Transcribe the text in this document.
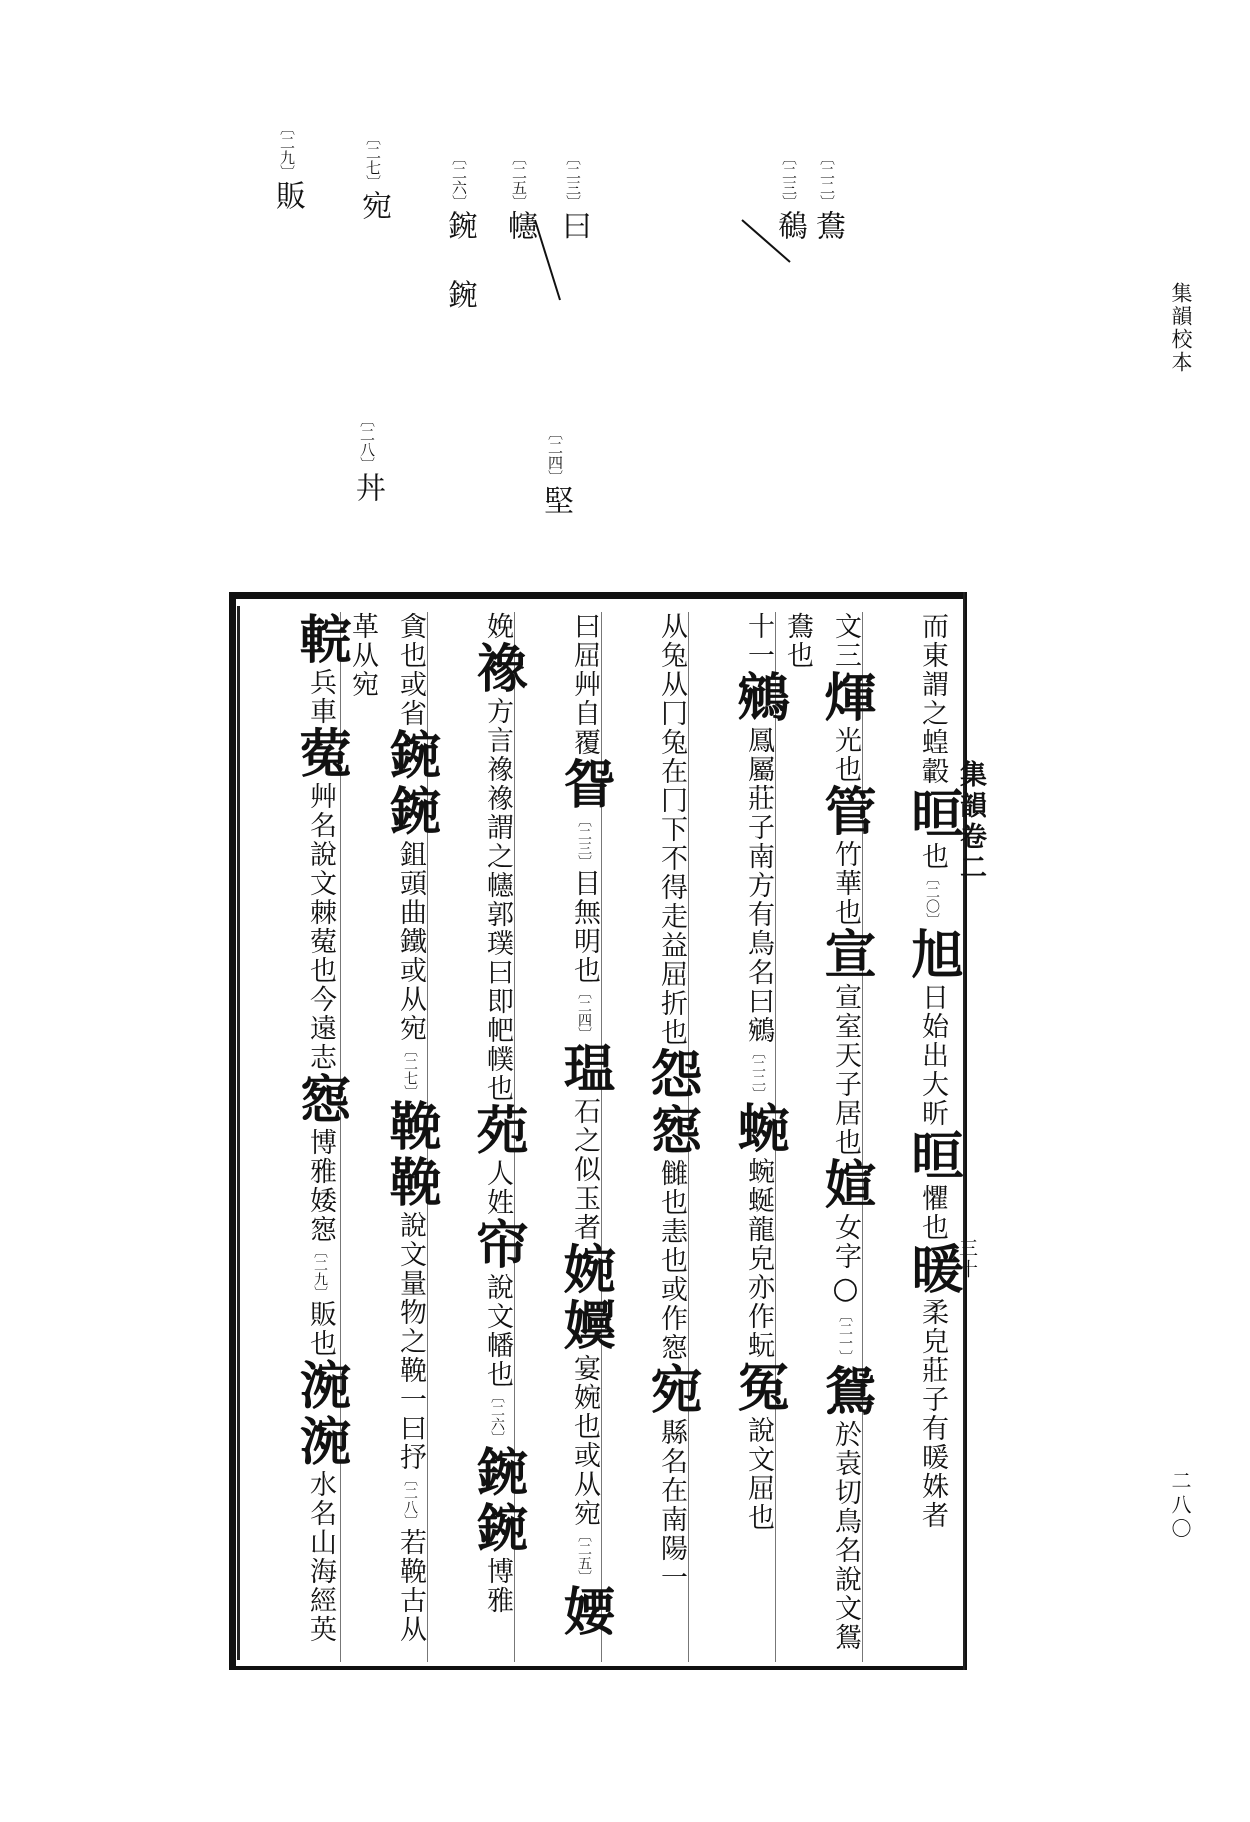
集韻校本
二八〇
〔二二〕鴦
〔二三〕鵗
〔二三〕曰
〔二四〕堅
〔二五〕幰
〔二六〕鋺 鋺
〔二七〕宛
〔二八〕丼
〔二九〕販
集韻卷二
三十
而東謂之蝗轂晅也〔二〇〕旭日始出大昕晅懼也暖柔皃莊子有暖姝者
文三煇光也管竹華也宣宣室天子居也媗女字○〔二一〕鴛於袁切鳥名說文鴛鴦也
十一鵷鳳屬莊子南方有鳥名曰鵷〔二二〕蜿蜿蜒龍皃亦作蚖冤說文屈也
从兔从冂兔在冂下不得走益屈折也怨惌雠也恚也或作惌宛縣名在南陽一
曰屈艸自覆眢〔二三〕目無明也〔二四〕瑥石之似玉者婉嬽宴婉也或从宛〔二五〕婹
娩襐方言襐襐謂之幰郭璞曰即帊幞也苑人姓帘說文幡也〔二六〕鋺鋺博雅
貪也或省鋺鋺鉏頭曲鐵或从宛〔二七〕鞔鞔說文量物之鞔一曰抒〔二八〕若鞔古从革从宛
輐兵車蒬艸名說文棘蒬也今遠志惌博雅婑惌〔二九〕販也涴涴水名山海經英
